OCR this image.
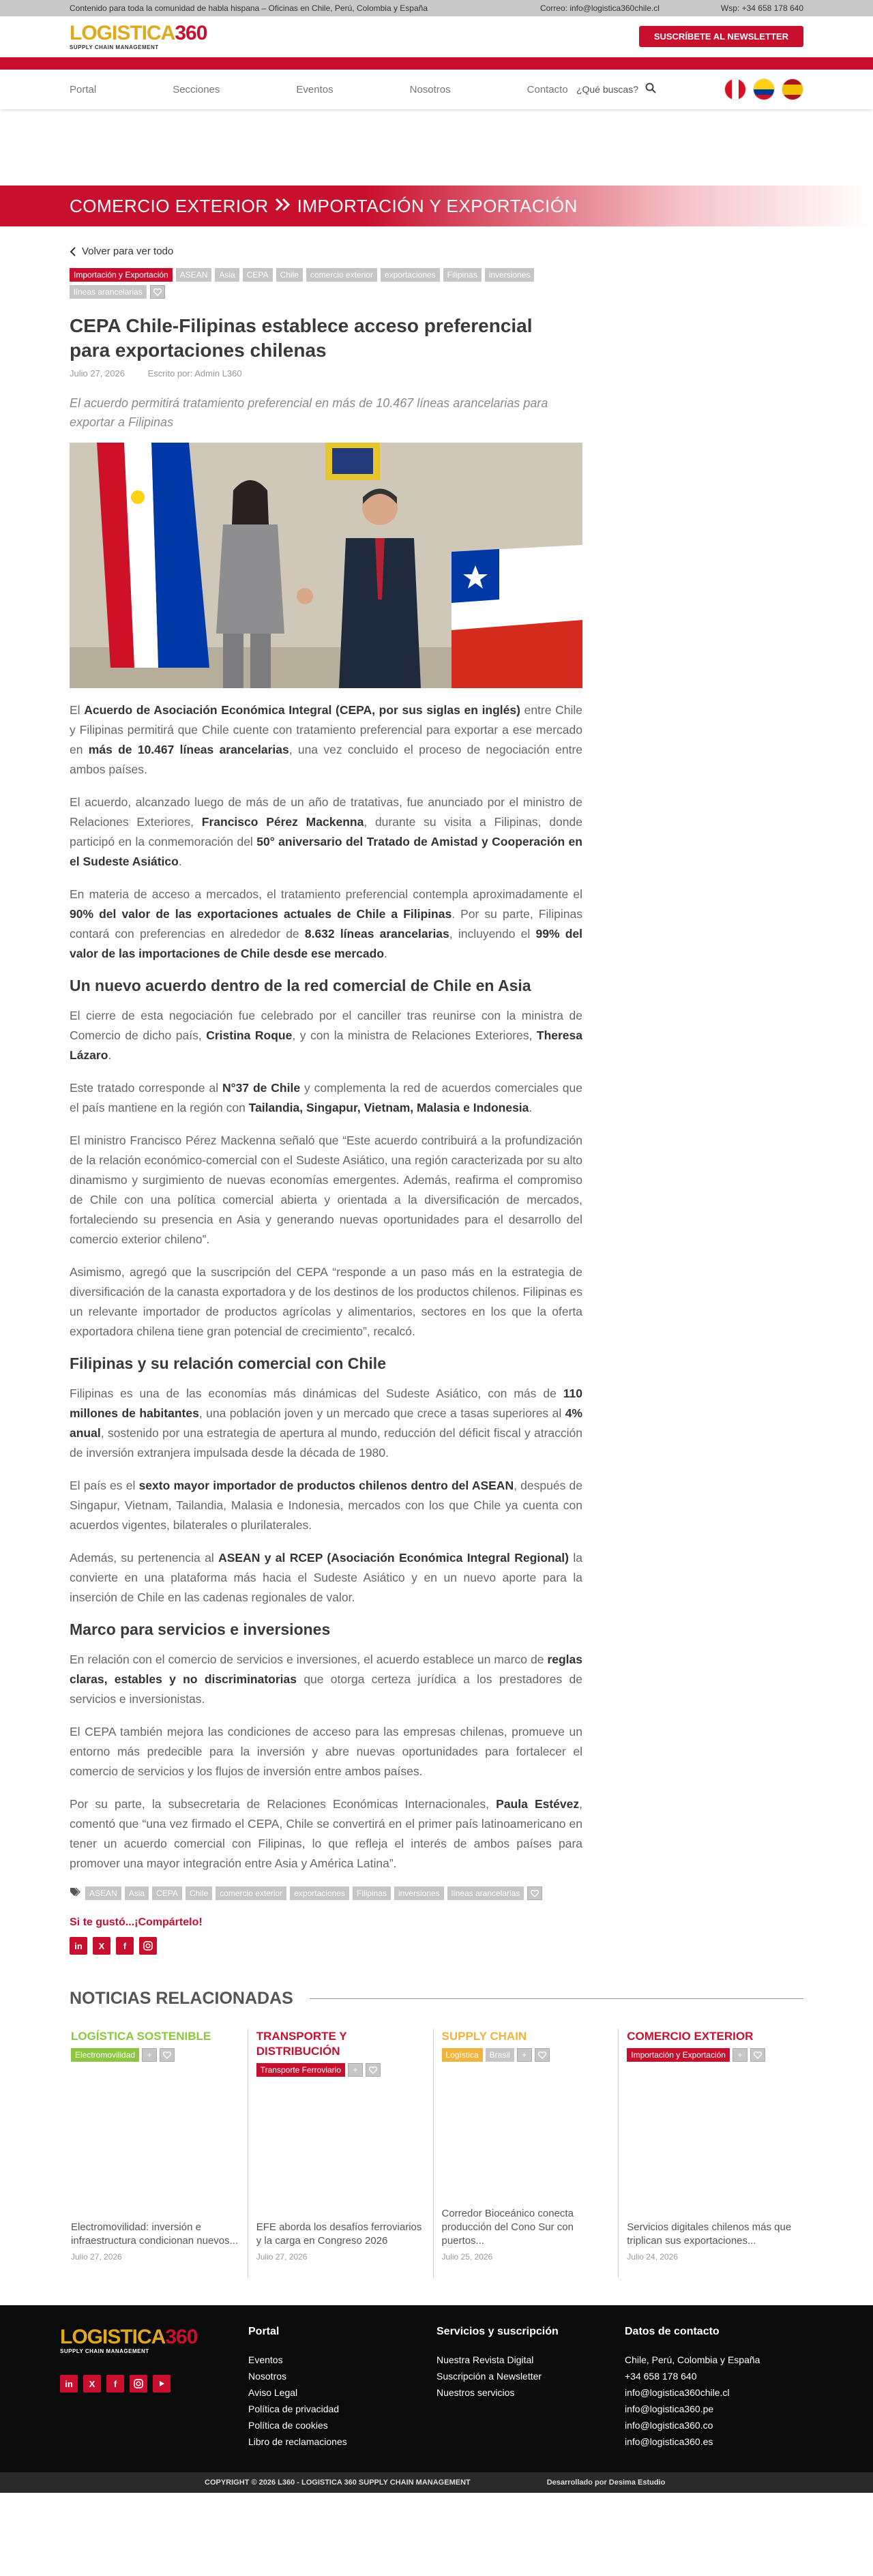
Contenido para toda la comunidad de habla hispana – Oficinas en Chile, Perú, Colombia y España	Correo: info@logistica360chile.cl	Wsp: +34 658 178 640
LOGISTICA360
SUPPLY CHAIN MANAGEMENT
SUSCRÍBETE AL NEWSLETTER
Portal	Secciones	Eventos	Nosotros	Contacto ¿Qué buscas?
COMERCIO EXTERIOR IMPORTACIÓN Y EXPORTACIÓN
Volver para ver todo
Importación y Exportación	ASEAN	Asia	CEPA	Chile	comercio exterior	exportaciones	Filipinas	inversiones
líneas arancelarias
CEPA Chile-Filipinas establece acceso preferencial para exportaciones chilenas
Julio 27, 2026	Escrito por: Admin L360
El acuerdo permitirá tratamiento preferencial en más de 10.467 líneas arancelarias para exportar a Filipinas

El Acuerdo de Asociación Económica Integral (CEPA, por sus siglas en inglés) entre Chile y Filipinas permitirá que Chile cuente con tratamiento preferencial para exportar a ese mercado en más de 10.467 líneas arancelarias, una vez concluido el proceso de negociación entre ambos países.

El acuerdo, alcanzado luego de más de un año de tratativas, fue anunciado por el ministro de Relaciones Exteriores, Francisco Pérez Mackenna, durante su visita a Filipinas, donde participó en la conmemoración del 50° aniversario del Tratado de Amistad y Cooperación en el Sudeste Asiático.

En materia de acceso a mercados, el tratamiento preferencial contempla aproximadamente el 90% del valor de las exportaciones actuales de Chile a Filipinas. Por su parte, Filipinas contará con preferencias en alrededor de 8.632 líneas arancelarias, incluyendo el 99% del valor de las importaciones de Chile desde ese mercado.

Un nuevo acuerdo dentro de la red comercial de Chile en Asia

El cierre de esta negociación fue celebrado por el canciller tras reunirse con la ministra de Comercio de dicho país, Cristina Roque, y con la ministra de Relaciones Exteriores, Theresa Lázaro.

Este tratado corresponde al N°37 de Chile y complementa la red de acuerdos comerciales que el país mantiene en la región con Tailandia, Singapur, Vietnam, Malasia e Indonesia.

El ministro Francisco Pérez Mackenna señaló que “Este acuerdo contribuirá a la profundización de la relación económico-comercial con el Sudeste Asiático, una región caracterizada por su alto dinamismo y surgimiento de nuevas economías emergentes. Además, reafirma el compromiso de Chile con una política comercial abierta y orientada a la diversificación de mercados, fortaleciendo su presencia en Asia y generando nuevas oportunidades para el desarrollo del comercio exterior chileno”.

Asimismo, agregó que la suscripción del CEPA “responde a un paso más en la estrategia de diversificación de la canasta exportadora y de los destinos de los productos chilenos. Filipinas es un relevante importador de productos agrícolas y alimentarios, sectores en los que la oferta exportadora chilena tiene gran potencial de crecimiento”, recalcó.

Filipinas y su relación comercial con Chile

Filipinas es una de las economías más dinámicas del Sudeste Asiático, con más de 110 millones de habitantes, una población joven y un mercado que crece a tasas superiores al 4% anual, sostenido por una estrategia de apertura al mundo, reducción del déficit fiscal y atracción de inversión extranjera impulsada desde la década de 1980.

El país es el sexto mayor importador de productos chilenos dentro del ASEAN, después de Singapur, Vietnam, Tailandia, Malasia e Indonesia, mercados con los que Chile ya cuenta con acuerdos vigentes, bilaterales o plurilaterales.

Además, su pertenencia al ASEAN y al RCEP (Asociación Económica Integral Regional) la convierte en una plataforma más hacia el Sudeste Asiático y en un nuevo aporte para la inserción de Chile en las cadenas regionales de valor.

Marco para servicios e inversiones

En relación con el comercio de servicios e inversiones, el acuerdo establece un marco de reglas claras, estables y no discriminatorias que otorga certeza jurídica a los prestadores de servicios e inversionistas.

El CEPA también mejora las condiciones de acceso para las empresas chilenas, promueve un entorno más predecible para la inversión y abre nuevas oportunidades para fortalecer el comercio de servicios y los flujos de inversión entre ambos países.

Por su parte, la subsecretaria de Relaciones Económicas Internacionales, Paula Estévez, comentó que “una vez firmado el CEPA, Chile se convertirá en el primer país latinoamericano en tener un acuerdo comercial con Filipinas, lo que refleja el interés de ambos países para promover una mayor integración entre Asia y América Latina”.

ASEAN	Asia	CEPA	Chile	comercio exterior	exportaciones	Filipinas	inversiones	líneas arancelarias
Si te gustó...¡Compártelo!
in	X	f
NOTICIAS RELACIONADAS
LOGÍSTICA SOSTENIBLE
Electromovilidad	+
Electromovilidad: inversión e infraestructura condicionan nuevos...
Julio 27, 2026
TRANSPORTE Y DISTRIBUCIÓN
Transporte Ferroviario	+
EFE aborda los desafíos ferroviarios y la carga en Congreso 2026
Julio 27, 2026
SUPPLY CHAIN
Logística	Brasil	+
Corredor Bioceánico conecta producción del Cono Sur con puertos...
Julio 25, 2026
COMERCIO EXTERIOR
Importación y Exportación	+
Servicios digitales chilenos más que triplican sus exportaciones...
Julio 24, 2026
LOGISTICA360
SUPPLY CHAIN MANAGEMENT
in	X	f
Portal
Eventos
Nosotros
Aviso Legal
Política de privacidad
Política de cookies
Libro de reclamaciones
Servicios y suscripción
Nuestra Revista Digital
Suscripción a Newsletter
Nuestros servicios
Datos de contacto
Chile, Perú, Colombia y España
+34 658 178 640
info@logistica360chile.cl
info@logistica360.pe
info@logistica360.co
info@logistica360.es
COPYRIGHT © 2026 L360 - LOGISTICA 360 SUPPLY CHAIN MANAGEMENT	Desarrollado por Desima Estudio
